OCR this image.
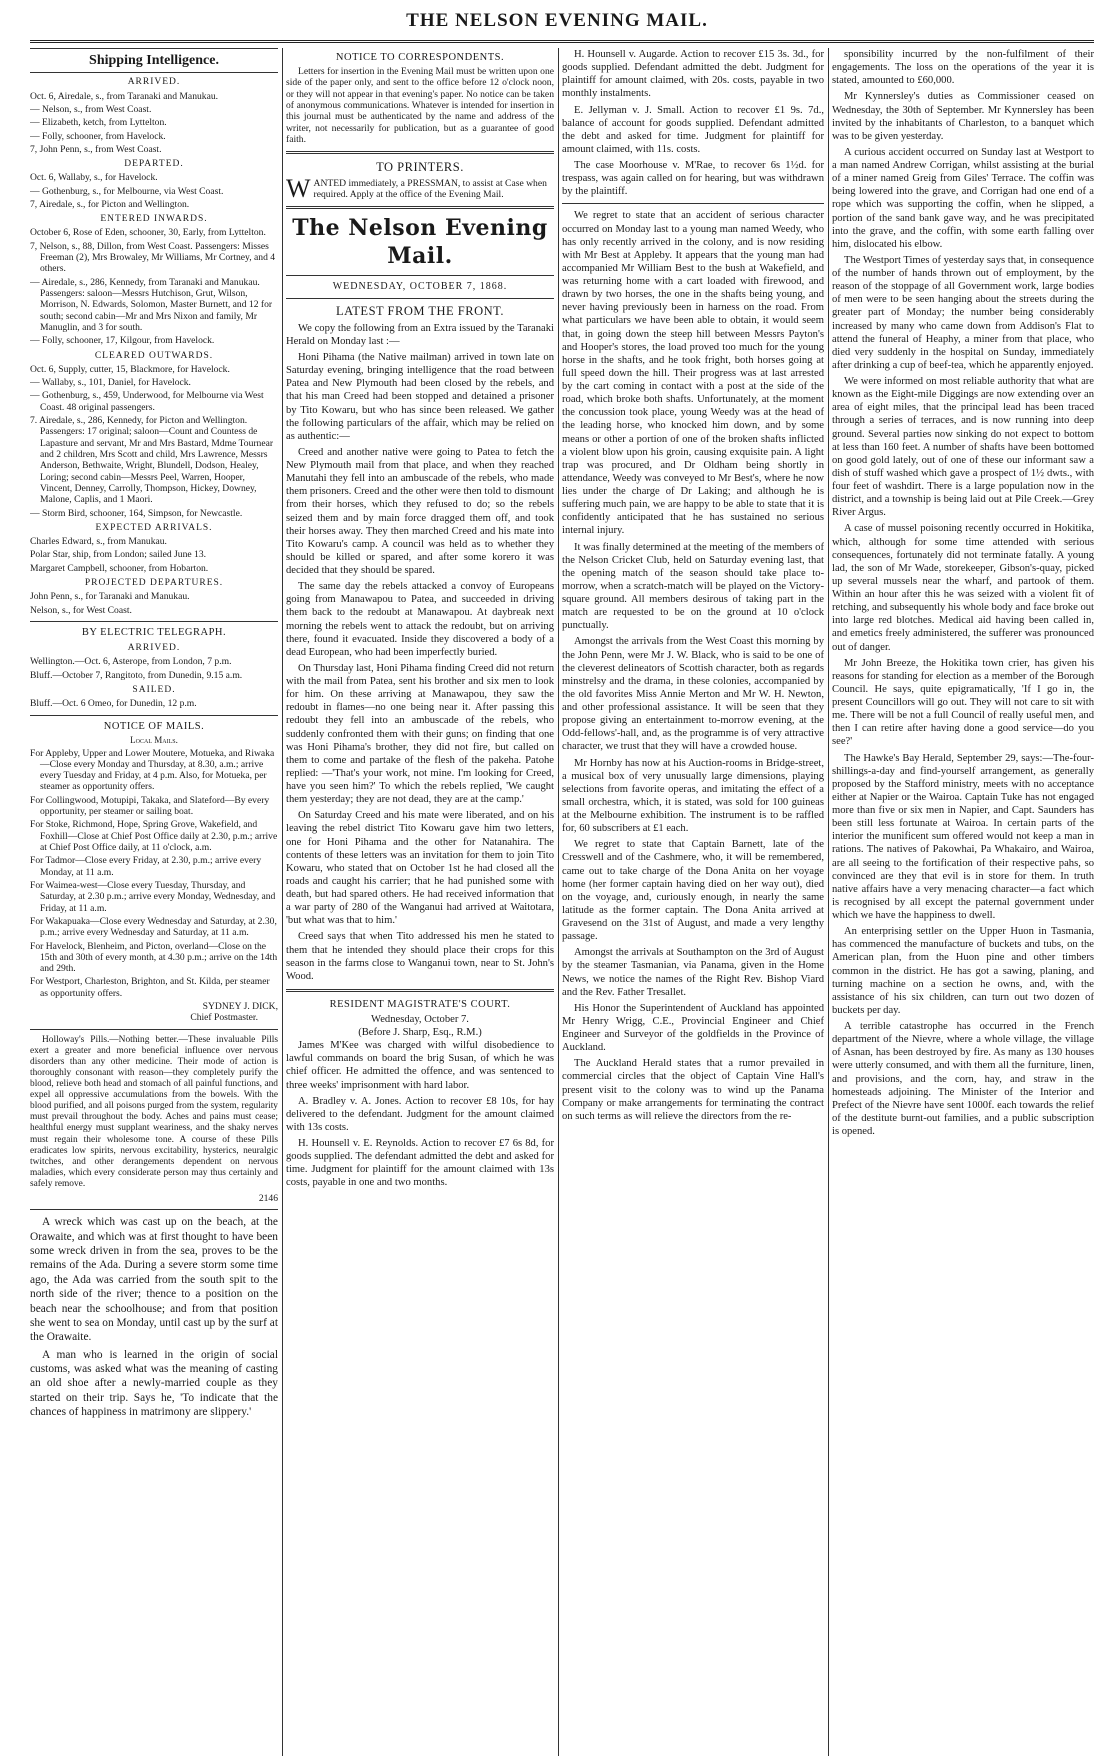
THE NELSON EVENING MAIL.
Shipping Intelligence.
ARRIVED.

Oct. 6, Airedale, s., from Taranaki and Manukau.

— Nelson, s., from West Coast.

— Elizabeth, ketch, from Lyttelton.

— Folly, schooner, from Havelock.

7, John Penn, s., from West Coast.

DEPARTED.

Oct. 6, Wallaby, s., for Havelock.

— Gothenburg, s., for Melbourne, via West Coast.

7, Airedale, s., for Picton and Wellington.

ENTERED INWARDS.

October 6, Rose of Eden, schooner, 30, Early, from Lyttelton.

7, Nelson, s., 88, Dillon, from West Coast. Passengers: Misses Freeman (2), Mrs Browaley, Mr Williams, Mr Cortney, and 4 others.

— Airedale, s., 286, Kennedy, from Taranaki and Manukau. Passengers: saloon—Messrs Hutchison, Grut, Wilson, Morrison, N. Edwards, Solomon, Master Burnett, and 12 for south; second cabin—Mr and Mrs Nixon and family, Mr Manuglin, and 3 for south.

— Folly, schooner, 17, Kilgour, from Havelock.

CLEARED OUTWARDS.

Oct. 6, Supply, cutter, 15, Blackmore, for Havelock.

— Wallaby, s., 101, Daniel, for Havelock.

— Gothenburg, s., 459, Underwood, for Melbourne via West Coast. 48 original passengers.

7. Airedale, s., 286, Kennedy, for Picton and Wellington. Passengers: 17 original; saloon—Count and Countess de Lapasture and servant, Mr and Mrs Bastard, Mdme Tournear and 2 children, Mrs Scott and child, Mrs Lawrence, Messrs Anderson, Bethwaite, Wright, Blundell, Dodson, Healey, Loring; second cabin—Messrs Peel, Warren, Hooper, Vincent, Denney, Carrolly, Thompson, Hickey, Downey, Malone, Caplis, and 1 Maori.

— Storm Bird, schooner, 164, Simpson, for Newcastle.

EXPECTED ARRIVALS.

Charles Edward, s., from Manukau.

Polar Star, ship, from London; sailed June 13.

Margaret Campbell, schooner, from Hobarton.

PROJECTED DEPARTURES.

John Penn, s., for Taranaki and Manukau.

Nelson, s., for West Coast.

BY ELECTRIC TELEGRAPH.
ARRIVED.

Wellington.—Oct. 6, Asterope, from London, 7 p.m.

Bluff.—October 7, Rangitoto, from Dunedin, 9.15 a.m.

SAILED.

Bluff.—Oct. 6 Omeo, for Dunedin, 12 p.m.

NOTICE OF MAILS.
Local Mails.

For Appleby, Upper and Lower Moutere, Motueka, and Riwaka—Close every Monday and Thursday, at 8.30, a.m.; arrive every Tuesday and Friday, at 4 p.m. Also, for Motueka, per steamer as opportunity offers.

For Collingwood, Motupipi, Takaka, and Slateford—By every opportunity, per steamer or sailing boat.

For Stoke, Richmond, Hope, Spring Grove, Wakefield, and Foxhill—Close at Chief Post Office daily at 2.30, p.m.; arrive at Chief Post Office daily, at 11 o'clock, a.m.

For Tadmor—Close every Friday, at 2.30, p.m.; arrive every Monday, at 11 a.m.

For Waimea-west—Close every Tuesday, Thursday, and Saturday, at 2.30 p.m.; arrive every Monday, Wednesday, and Friday, at 11 a.m.

For Wakapuaka—Close every Wednesday and Saturday, at 2.30, p.m.; arrive every Wednesday and Saturday, at 11 a.m.

For Havelock, Blenheim, and Picton, overland—Close on the 15th and 30th of every month, at 4.30 p.m.; arrive on the 14th and 29th.

For Westport, Charleston, Brighton, and St. Kilda, per steamer as opportunity offers.

SYDNEY J. DICK,
Chief Postmaster.

Holloway's Pills.—Nothing better.—These invaluable Pills exert a greater and more beneficial influence over nervous disorders than any other medicine. Their mode of action is thoroughly consonant with reason—they completely purify the blood, relieve both head and stomach of all painful functions, and expel all oppressive accumulations from the bowels. With the blood purified, and all poisons purged from the system, regularity must prevail throughout the body. Aches and pains must cease; healthful energy must supplant weariness, and the shaky nerves must regain their wholesome tone. A course of these Pills eradicates low spirits, nervous excitability, hysterics, neuralgic twitches, and other derangements dependent on nervous maladies, which every considerate person may thus certainly and safely remove.

2146

A wreck which was cast up on the beach, at the Orawaite, and which was at first thought to have been some wreck driven in from the sea, proves to be the remains of the Ada. During a severe storm some time ago, the Ada was carried from the south spit to the north side of the river; thence to a position on the beach near the schoolhouse; and from that position she went to sea on Monday, until cast up by the surf at the Orawaite.

A man who is learned in the origin of social customs, was asked what was the meaning of casting an old shoe after a newly-married couple as they started on their trip. Says he, 'To indicate that the chances of happiness in matrimony are slippery.'

NOTICE TO CORRESPONDENTS.

Letters for insertion in the Evening Mail must be written upon one side of the paper only, and sent to the office before 12 o'clock noon, or they will not appear in that evening's paper. No notice can be taken of anonymous communications. Whatever is intended for insertion in this journal must be authenticated by the name and address of the writer, not necessarily for publication, but as a guarantee of good faith.

TO PRINTERS.
W ANTED immediately, a PRESSMAN, to assist at Case when required. Apply at the office of the Evening Mail.
The Nelson Evening Mail.
WEDNESDAY, OCTOBER 7, 1868.
LATEST FROM THE FRONT.

We copy the following from an Extra issued by the Taranaki Herald on Monday last :—

Honi Pihama (the Native mailman) arrived in town late on Saturday evening, bringing intelligence that the road between Patea and New Plymouth had been closed by the rebels, and that his man Creed had been stopped and detained a prisoner by Tito Kowaru, but who has since been released. We gather the following particulars of the affair, which may be relied on as authentic:—

Creed and another native were going to Patea to fetch the New Plymouth mail from that place, and when they reached Manutahi they fell into an ambuscade of the rebels, who made them prisoners. Creed and the other were then told to dismount from their horses, which they refused to do; so the rebels seized them and by main force dragged them off, and took their horses away. They then marched Creed and his mate into Tito Kowaru's camp. A council was held as to whether they should be killed or spared, and after some korero it was decided that they should be spared.

The same day the rebels attacked a convoy of Europeans going from Manawapou to Patea, and succeeded in driving them back to the redoubt at Manawapou. At daybreak next morning the rebels went to attack the redoubt, but on arriving there, found it evacuated. Inside they discovered a body of a dead European, who had been imperfectly buried.

On Thursday last, Honi Pihama finding Creed did not return with the mail from Patea, sent his brother and six men to look for him. On these arriving at Manawapou, they saw the redoubt in flames—no one being near it. After passing this redoubt they fell into an ambuscade of the rebels, who suddenly confronted them with their guns; on finding that one was Honi Pihama's brother, they did not fire, but called on them to come and partake of the flesh of the pakeha. Patohe replied: —'That's your work, not mine. I'm looking for Creed, have you seen him?' To which the rebels replied, 'We caught them yesterday; they are not dead, they are at the camp.'

On Saturday Creed and his mate were liberated, and on his leaving the rebel district Tito Kowaru gave him two letters, one for Honi Pihama and the other for Natanahira. The contents of these letters was an invitation for them to join Tito Kowaru, who stated that on October 1st he had closed all the roads and caught his carrier; that he had punished some with death, but had spared others. He had received information that a war party of 280 of the Wanganui had arrived at Waitotara, 'but what was that to him.'

Creed says that when Tito addressed his men he stated to them that he intended they should place their crops for this season in the farms close to Wanganui town, near to St. John's Wood.

RESIDENT MAGISTRATE'S COURT.
Wednesday, October 7.
(Before J. Sharp, Esq., R.M.)

James M'Kee was charged with wilful disobedience to lawful commands on board the brig Susan, of which he was chief officer. He admitted the offence, and was sentenced to three weeks' imprisonment with hard labor.

A. Bradley v. A. Jones. Action to recover £8 10s, for hay delivered to the defendant. Judgment for the amount claimed with 13s costs.

H. Hounsell v. E. Reynolds. Action to recover £7 6s 8d, for goods supplied. The defendant admitted the debt and asked for time. Judgment for plaintiff for the amount claimed with 13s costs, payable in one and two months.

H. Hounsell v. Augarde. Action to recover £15 3s. 3d., for goods supplied. Defendant admitted the debt. Judgment for plaintiff for amount claimed, with 20s. costs, payable in two monthly instalments.

E. Jellyman v. J. Small. Action to recover £1 9s. 7d., balance of account for goods supplied. Defendant admitted the debt and asked for time. Judgment for plaintiff for amount claimed, with 11s. costs.

The case Moorhouse v. M'Rae, to recover 6s 1½d. for trespass, was again called on for hearing, but was withdrawn by the plaintiff.

We regret to state that an accident of serious character occurred on Monday last to a young man named Weedy, who has only recently arrived in the colony, and is now residing with Mr Best at Appleby. It appears that the young man had accompanied Mr William Best to the bush at Wakefield, and was returning home with a cart loaded with firewood, and drawn by two horses, the one in the shafts being young, and never having previously been in harness on the road. From what particulars we have been able to obtain, it would seem that, in going down the steep hill between Messrs Payton's and Hooper's stores, the load proved too much for the young horse in the shafts, and he took fright, both horses going at full speed down the hill. Their progress was at last arrested by the cart coming in contact with a post at the side of the road, which broke both shafts. Unfortunately, at the moment the concussion took place, young Weedy was at the head of the leading horse, who knocked him down, and by some means or other a portion of one of the broken shafts inflicted a violent blow upon his groin, causing exquisite pain. A light trap was procured, and Dr Oldham being shortly in attendance, Weedy was conveyed to Mr Best's, where he now lies under the charge of Dr Laking; and although he is suffering much pain, we are happy to be able to state that it is confidently anticipated that he has sustained no serious internal injury.

It was finally determined at the meeting of the members of the Nelson Cricket Club, held on Saturday evening last, that the opening match of the season should take place to-morrow, when a scratch-match will be played on the Victory-square ground. All members desirous of taking part in the match are requested to be on the ground at 10 o'clock punctually.

Amongst the arrivals from the West Coast this morning by the John Penn, were Mr J. W. Black, who is said to be one of the cleverest delineators of Scottish character, both as regards minstrelsy and the drama, in these colonies, accompanied by the old favorites Miss Annie Merton and Mr W. H. Newton, and other professional assistance. It will be seen that they propose giving an entertainment to-morrow evening, at the Odd-fellows'-hall, and, as the programme is of very attractive character, we trust that they will have a crowded house.

Mr Hornby has now at his Auction-rooms in Bridge-street, a musical box of very unusually large dimensions, playing selections from favorite operas, and imitating the effect of a small orchestra, which, it is stated, was sold for 100 guineas at the Melbourne exhibition. The instrument is to be raffled for, 60 subscribers at £1 each.

We regret to state that Captain Barnett, late of the Cresswell and of the Cashmere, who, it will be remembered, came out to take charge of the Dona Anita on her voyage home (her former captain having died on her way out), died on the voyage, and, curiously enough, in nearly the same latitude as the former captain. The Dona Anita arrived at Gravesend on the 31st of August, and made a very lengthy passage.

Amongst the arrivals at Southampton on the 3rd of August by the steamer Tasmanian, via Panama, given in the Home News, we notice the names of the Right Rev. Bishop Viard and the Rev. Father Tresallet.

His Honor the Superintendent of Auckland has appointed Mr Henry Wrigg, C.E., Provincial Engineer and Chief Engineer and Surveyor of the goldfields in the Province of Auckland.

The Auckland Herald states that a rumor prevailed in commercial circles that the object of Captain Vine Hall's present visit to the colony was to wind up the Panama Company or make arrangements for terminating the contract on such terms as will relieve the directors from the re-

sponsibility incurred by the non-fulfilment of their engagements. The loss on the operations of the year it is stated, amounted to £60,000.

Mr Kynnersley's duties as Commissioner ceased on Wednesday, the 30th of September. Mr Kynnersley has been invited by the inhabitants of Charleston, to a banquet which was to be given yesterday.

A curious accident occurred on Sunday last at Westport to a man named Andrew Corrigan, whilst assisting at the burial of a miner named Greig from Giles' Terrace. The coffin was being lowered into the grave, and Corrigan had one end of a rope which was supporting the coffin, when he slipped, a portion of the sand bank gave way, and he was precipitated into the grave, and the coffin, with some earth falling over him, dislocated his elbow.

The Westport Times of yesterday says that, in consequence of the number of hands thrown out of employment, by the reason of the stoppage of all Government work, large bodies of men were to be seen hanging about the streets during the greater part of Monday; the number being considerably increased by many who came down from Addison's Flat to attend the funeral of Heaphy, a miner from that place, who died very suddenly in the hospital on Sunday, immediately after drinking a cup of beef-tea, which he apparently enjoyed.

We were informed on most reliable authority that what are known as the Eight-mile Diggings are now extending over an area of eight miles, that the principal lead has been traced through a series of terraces, and is now running into deep ground. Several parties now sinking do not expect to bottom at less than 160 feet. A number of shafts have been bottomed on good gold lately, out of one of these our informant saw a dish of stuff washed which gave a prospect of 1½ dwts., with four feet of washdirt. There is a large population now in the district, and a township is being laid out at Pile Creek.—Grey River Argus.

A case of mussel poisoning recently occurred in Hokitika, which, although for some time attended with serious consequences, fortunately did not terminate fatally. A young lad, the son of Mr Wade, storekeeper, Gibson's-quay, picked up several mussels near the wharf, and partook of them. Within an hour after this he was seized with a violent fit of retching, and subsequently his whole body and face broke out into large red blotches. Medical aid having been called in, and emetics freely administered, the sufferer was pronounced out of danger.

Mr John Breeze, the Hokitika town crier, has given his reasons for standing for election as a member of the Borough Council. He says, quite epigramatically, 'If I go in, the present Councillors will go out. They will not care to sit with me. There will be not a full Council of really useful men, and then I can retire after having done a good service—do you see?'

The Hawke's Bay Herald, September 29, says:—The-four-shillings-a-day and find-yourself arrangement, as generally proposed by the Stafford ministry, meets with no acceptance either at Napier or the Wairoa. Captain Tuke has not engaged more than five or six men in Napier, and Capt. Saunders has been still less fortunate at Wairoa. In certain parts of the interior the munificent sum offered would not keep a man in rations. The natives of Pakowhai, Pa Whakairo, and Wairoa, are all seeing to the fortification of their respective pahs, so convinced are they that evil is in store for them. In truth native affairs have a very menacing character—a fact which is recognised by all except the paternal government under which we have the happiness to dwell.

An enterprising settler on the Upper Huon in Tasmania, has commenced the manufacture of buckets and tubs, on the American plan, from the Huon pine and other timbers common in the district. He has got a sawing, planing, and turning machine on a section he owns, and, with the assistance of his six children, can turn out two dozen of buckets per day.

A terrible catastrophe has occurred in the French department of the Nievre, where a whole village, the village of Asnan, has been destroyed by fire. As many as 130 houses were utterly consumed, and with them all the furniture, linen, and provisions, and the corn, hay, and straw in the homesteads adjoining. The Minister of the Interior and Prefect of the Nievre have sent 1000f. each towards the relief of the destitute burnt-out families, and a public subscription is opened.
